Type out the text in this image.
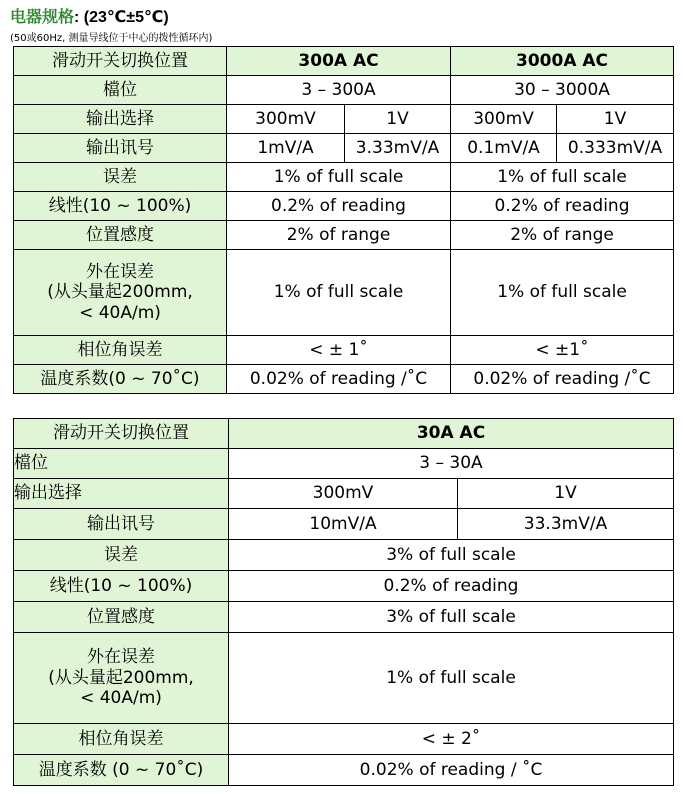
电器规格: (23℃±5℃)
(50或60Hz, 测量导线位于中心的拨性循环内)
滑动开关切换位置	300A AC		3000A AC	
檔位	3 – 300A		30 – 3000A	
输出选择	300mV	1V	300mV	1V
输出讯号	1mV/A	3.33mV/A	0.1mV/A	0.333mV/A
误差	1% of full scale		1% of full scale	
线性(10 ~ 100%)	0.2% of reading		0.2% of reading	
位置感度	2% of range		2% of range	

外在误差
(从头量起200mm,
< 40A/m)	1% of full scale		1% of full scale	
相位角误差	< ± 1˚		< ±1˚	
温度系数(0 ~ 70˚C)	0.02% of reading /˚C		0.02% of reading /˚C	
滑动开关切换位置	30A AC	
檔位	3 – 30A	
输出选择	300mV	1V
输出讯号	10mV/A	33.3mV/A
误差	3% of full scale	
线性(10 ~ 100%)	0.2% of reading	
位置感度	3% of full scale	

外在误差
(从头量起200mm,
< 40A/m)	1% of full scale	
相位角误差	< ± 2˚	
温度系数 (0 ~ 70˚C)	0.02% of reading / ˚C	
